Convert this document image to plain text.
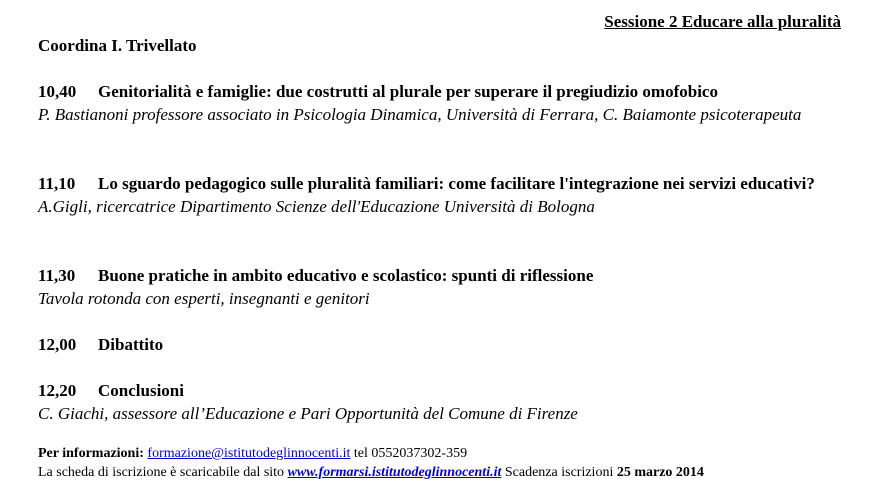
Sessione 2 Educare alla pluralità
Coordina I. Trivellato
10,40 Genitorialità e famiglie: due costrutti al plurale per superare il pregiudizio omofobico
P. Bastianoni professore associato in Psicologia Dinamica, Università di Ferrara, C. Baiamonte psicoterapeuta
11,10 Lo sguardo pedagogico sulle pluralità familiari: come facilitare l'integrazione nei servizi educativi?
A.Gigli, ricercatrice Dipartimento Scienze dell'Educazione Università di Bologna
11,30 Buone pratiche in ambito educativo e scolastico: spunti di riflessione
Tavola rotonda con esperti, insegnanti e genitori
12,00 Dibattito
12,20 Conclusioni
C. Giachi, assessore all’Educazione e Pari Opportunità del Comune di Firenze
Per informazioni: formazione@istitutodeglinnocenti.it tel 0552037302-359
La scheda di iscrizione è scaricabile dal sito www.formarsi.istitutodeglinnocenti.it Scadenza iscrizioni 25 marzo 2014
